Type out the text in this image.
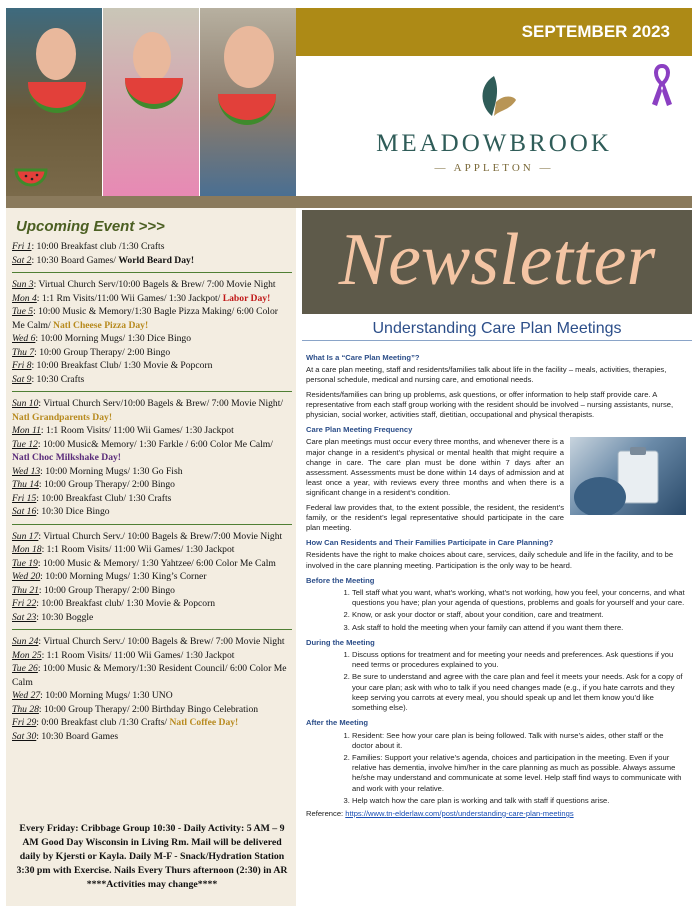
SEPTEMBER 2023
MEADOWBROOK
— APPLETON —
Upcoming Event >>>
Fri 1: 10:00 Breakfast club /1:30 Crafts
Sat 2: 10:30 Board Games/ World Beard Day!
Sun 3: Virtual Church Serv/10:00 Bagels & Brew/ 7:00 Movie Night
Mon 4: 1:1 Rm Visits/11:00 Wii Games/ 1:30 Jackpot/ Labor Day!
Tue 5: 10:00 Music & Memory/1:30 Bagle Pizza Making/ 6:00 Color Me Calm/ Natl Cheese Pizza Day!
Wed 6: 10:00 Morning Mugs/ 1:30 Dice Bingo
Thu 7: 10:00 Group Therapy/ 2:00 Bingo
Fri 8: 10:00 Breakfast Club/ 1:30 Movie & Popcorn
Sat 9: 10:30 Crafts
Sun 10: Virtual Church Serv/10:00 Bagels & Brew/ 7:00 Movie Night/ Natl Grandparents Day!
Mon 11: 1:1 Room Visits/ 11:00 Wii Games/ 1:30 Jackpot
Tue 12: 10:00 Music& Memory/ 1:30 Farkle / 6:00 Color Me Calm/ Natl Choc Milkshake Day!
Wed 13: 10:00 Morning Mugs/ 1:30 Go Fish
Thu 14: 10:00 Group Therapy/ 2:00 Bingo
Fri 15: 10:00 Breakfast Club/ 1:30 Crafts
Sat 16: 10:30 Dice Bingo
Sun 17: Virtual Church Serv./ 10:00 Bagels & Brew/7:00 Movie Night
Mon 18: 1:1 Room Visits/ 11:00 Wii Games/ 1:30 Jackpot
Tue 19: 10:00 Music & Memory/ 1:30 Yahtzee/ 6:00 Color Me Calm
Wed 20: 10:00 Morning Mugs/ 1:30 King’s Corner
Thu 21: 10:00 Group Therapy/ 2:00 Bingo
Fri 22: 10:00 Breakfast club/ 1:30 Movie & Popcorn
Sat 23: 10:30 Boggle
Sun 24: Virtual Church Serv./ 10:00 Bagels & Brew/ 7:00 Movie Night
Mon 25: 1:1 Room Visits/ 11:00 Wii Games/ 1:30 Jackpot
Tue 26: 10:00 Music & Memory/1:30 Resident Council/ 6:00 Color Me Calm
Wed 27: 10:00 Morning Mugs/ 1:30 UNO
Thu 28: 10:00 Group Therapy/ 2:00 Birthday Bingo Celebration
Fri 29: 0:00 Breakfast club /1:30 Crafts/ Natl Coffee Day!
Sat 30: 10:30 Board Games
Every Friday: Cribbage Group 10:30 - Daily Activity: 5 AM – 9 AM Good Day Wisconsin in Living Rm. Mail will be delivered daily by Kjersti or Kayla. Daily M-F - Snack/Hydration Station 3:30 pm with Exercise. Nails Every Thurs afternoon (2:30) in AR ****Activities may change****
Newsletter
Understanding Care Plan Meetings
What Is a “Care Plan Meeting”?
At a care plan meeting, staff and residents/families talk about life in the facility – meals, activities, therapies, personal schedule, medical and nursing care, and emotional needs.
Residents/families can bring up problems, ask questions, or offer information to help staff provide care. A representative from each staff group working with the resident should be involved – nursing assistants, nurse, physician, social worker, activities staff, dietitian, occupational and physical therapists.
Care Plan Meeting Frequency
Care plan meetings must occur every three months, and whenever there is a major change in a resident’s physical or mental health that might require a change in care. The care plan must be done within 7 days after an assessment. Assessments must be done within 14 days of admission and at least once a year, with reviews every three months and when there is a significant change in a resident’s condition.
Federal law provides that, to the extent possible, the resident, the resident’s family, or the resident’s legal representative should participate in the care plan meeting.
How Can Residents and Their Families Participate in Care Planning?
Residents have the right to make choices about care, services, daily schedule and life in the facility, and to be involved in the care planning meeting. Participation is the only way to be heard.
Before the Meeting
1. Tell staff what you want, what’s working, what’s not working, how you feel, your concerns, and what questions you have; plan your agenda of questions, problems and goals for yourself and your care.
2. Know, or ask your doctor or staff, about your condition, care and treatment.
3. Ask staff to hold the meeting when your family can attend if you want them there.
During the Meeting
1. Discuss options for treatment and for meeting your needs and preferences. Ask questions if you need terms or procedures explained to you.
2. Be sure to understand and agree with the care plan and feel it meets your needs. Ask for a copy of your care plan; ask with who to talk if you need changes made (e.g., if you hate carrots and they keep serving you carrots at every meal, you should speak up and let them know you’d like something else).
After the Meeting
1. Resident: See how your care plan is being followed. Talk with nurse’s aides, other staff or the doctor about it.
2. Families: Support your relative’s agenda, choices and participation in the meeting. Even if your relative has dementia, involve him/her in the care planning as much as possible. Always assume he/she may understand and communicate at some level. Help staff find ways to communicate with and work with your relative.
3. Help watch how the care plan is working and talk with staff if questions arise.
Reference: https://www.tn-elderlaw.com/post/understanding-care-plan-meetings
